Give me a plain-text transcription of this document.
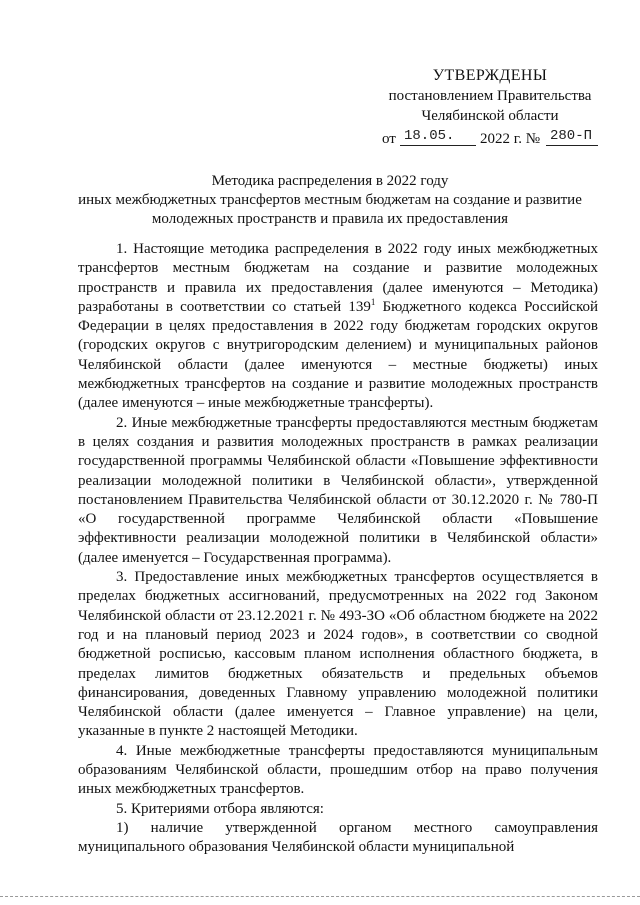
УТВЕРЖДЕНЫ
постановлением Правительства
Челябинской области
от 18.05. 2022 г. № 280-П
Методика распределения в 2022 году
иных межбюджетных трансфертов местным бюджетам на создание и развитие
молодежных пространств и правила их предоставления

1. Настоящие методика распределения в 2022 году иных межбюджетных трансфертов местным бюджетам на создание и развитие молодежных пространств и правила их предоставления (далее именуются – Методика) разработаны в соответствии со статьей $139^1$ Бюджетного кодекса Российской Федерации в целях предоставления в 2022 году бюджетам городских округов (городских округов с внутригородским делением) и муниципальных районов Челябинской области (далее именуются – местные бюджеты) иных межбюджетных трансфертов на создание и развитие молодежных пространств (далее именуются – иные межбюджетные трансферты).

2. Иные межбюджетные трансферты предоставляются местным бюджетам в целях создания и развития молодежных пространств в рамках реализации государственной программы Челябинской области «Повышение эффективности реализации молодежной политики в Челябинской области», утвержденной постановлением Правительства Челябинской области от 30.12.2020 г. № 780-П «О государственной программе Челябинской области «Повышение эффективности реализации молодежной политики в Челябинской области» (далее именуется – Государственная программа).

3. Предоставление иных межбюджетных трансфертов осуществляется в пределах бюджетных ассигнований, предусмотренных на 2022 год Законом Челябинской области от 23.12.2021 г. № 493-ЗО «Об областном бюджете на 2022 год и на плановый период 2023 и 2024 годов», в соответствии со сводной бюджетной росписью, кассовым планом исполнения областного бюджета, в пределах лимитов бюджетных обязательств и предельных объемов финансирования, доведенных Главному управлению молодежной политики Челябинской области (далее именуется – Главное управление) на цели, указанные в пункте 2 настоящей Методики.

4. Иные межбюджетные трансферты предоставляются муниципальным образованиям Челябинской области, прошедшим отбор на право получения иных межбюджетных трансфертов.

5. Критериями отбора являются:

1) наличие утвержденной органом местного самоуправления муниципального образования Челябинской области муниципальной
